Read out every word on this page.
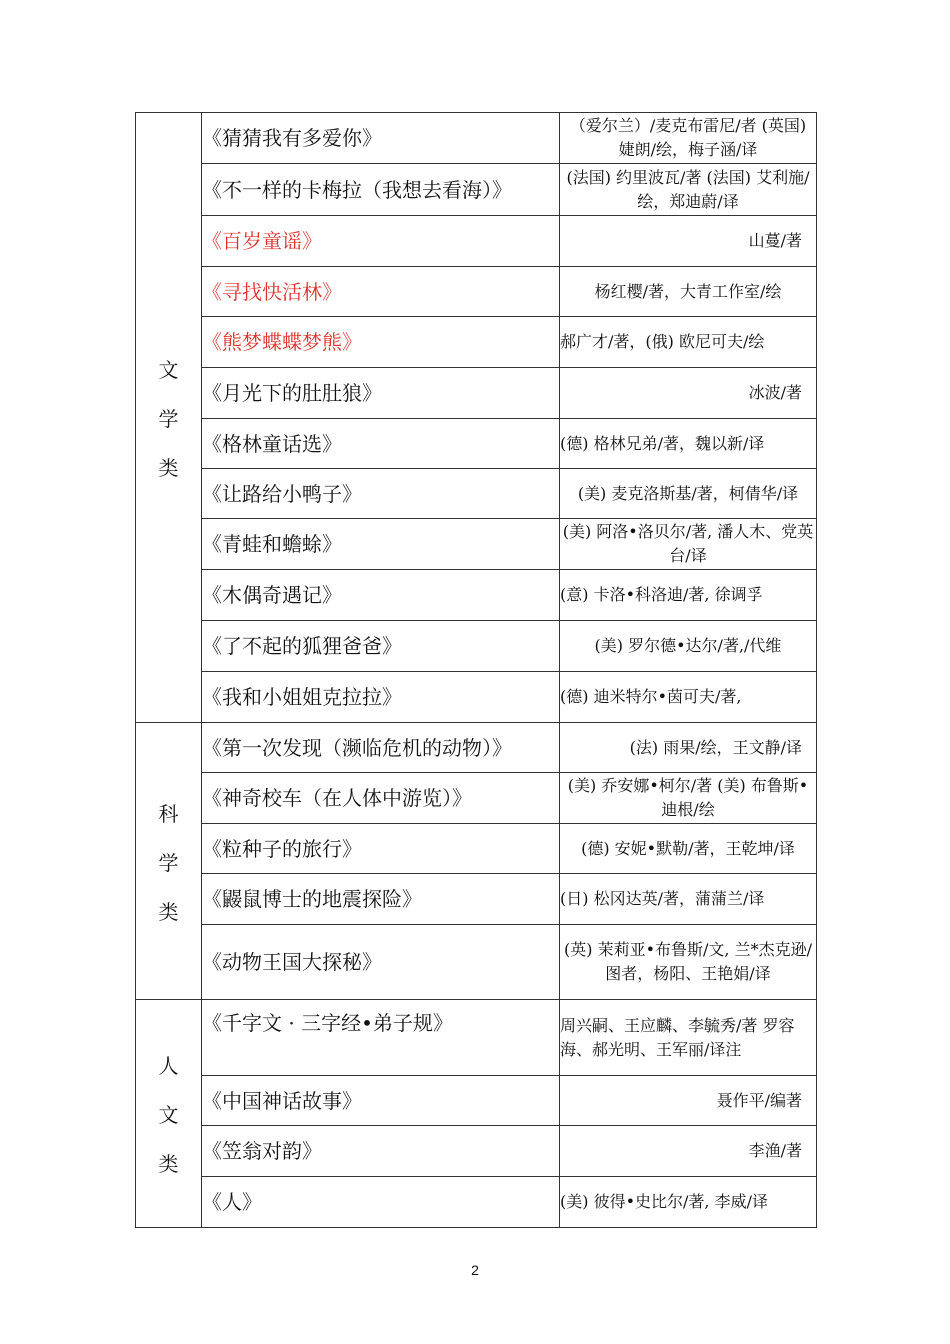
文
学
类	《猜猜我有多爱你》	（爱尔兰）/麦克布雷尼/者 (英国) 婕朗/绘，梅子涵/译
	《不一样的卡梅拉（我想去看海）》	(法国) 约里波瓦/著 (法国) 艾利施/绘，郑迪蔚/译
	《百岁童谣》	山蔓/著
	《寻找快活林》	杨红樱/著，大青工作室/绘
	《熊梦蝶蝶梦熊》	郝广才/著，(俄) 欧尼可夫/绘
	《月光下的肚肚狼》	冰波/著
	《格林童话选》	(德) 格林兄弟/著，魏以新/译
	《让路给小鸭子》	(美) 麦克洛斯基/著，柯倩华/译
	《青蛙和蟾蜍》	(美) 阿洛•洛贝尔/著, 潘人木、党英台/译
	《木偶奇遇记》	(意) 卡洛•科洛迪/著, 徐调孚
	《了不起的狐狸爸爸》	(美) 罗尔德•达尔/著,/代维
	《我和小姐姐克拉拉》	(德) 迪米特尔•茵可夫/著,

科
学
类	《第一次发现（濒临危机的动物）》	(法) 雨果/绘，王文静/译
	《神奇校车（在人体中游览）》	(美) 乔安娜•柯尔/著 (美) 布鲁斯•迪根/绘
	《粒种子的旅行》	(德) 安妮•默勒/著，王乾坤/译
	《鼹鼠博士的地震探险》	(日) 松冈达英/著，蒲蒲兰/译
	《动物王国大探秘》	(英) 茉莉亚•布鲁斯/文, 兰*杰克逊/图者，杨阳、王艳娟/译

人
文
类	《千字文 · 三字经•弟子规》	周兴嗣、王应麟、李毓秀/著 罗容海、郝光明、王军丽/译注
	《中国神话故事》	聂作平/编著
	《笠翁对韵》	李渔/著
	《人》	(美) 彼得•史比尔/著, 李威/译
2
